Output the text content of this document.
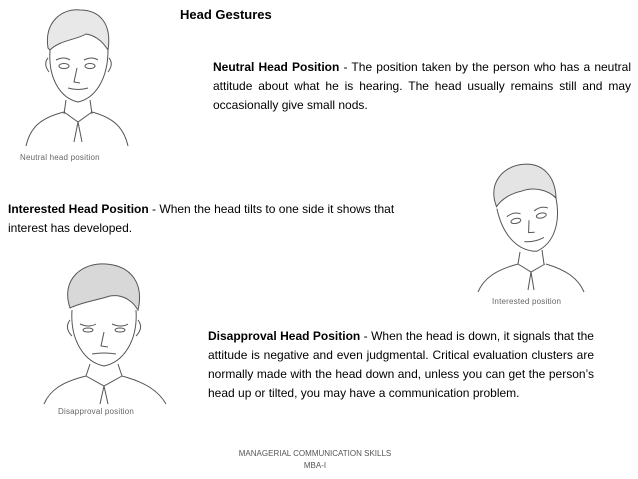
Head Gestures
Neutral head position
Neutral Head Position - The position taken by the person who has a neutral attitude about what he is hearing. The head usually remains still and may occasionally give small nods.
Interested Head Position - When the head tilts to one side it shows that interest has developed.
Interested position
Disapproval position
Disapproval Head Position - When the head is down, it signals that the attitude is negative and even judgmental. Critical evaluation clusters are normally made with the head down and, unless you can get the person’s head up or tilted, you may have a communication problem.
MANAGERIAL COMMUNICATION SKILLS
MBA-I
